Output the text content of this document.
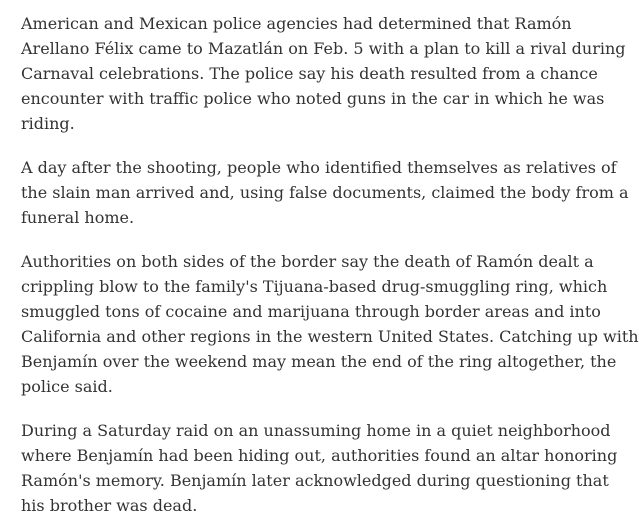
American and Mexican police agencies had determined that Ramón
Arellano Félix came to Mazatlán on Feb. 5 with a plan to kill a rival during
Carnaval celebrations. The police say his death resulted from a chance
encounter with traffic police who noted guns in the car in which he was
riding.

A day after the shooting, people who identified themselves as relatives of
the slain man arrived and, using false documents, claimed the body from a
funeral home.

Authorities on both sides of the border say the death of Ramón dealt a
crippling blow to the family's Tijuana-based drug-smuggling ring, which
smuggled tons of cocaine and marijuana through border areas and into
California and other regions in the western United States. Catching up with
Benjamín over the weekend may mean the end of the ring altogether, the
police said.

During a Saturday raid on an unassuming home in a quiet neighborhood
where Benjamín had been hiding out, authorities found an altar honoring
Ramón's memory. Benjamín later acknowledged during questioning that
his brother was dead.
